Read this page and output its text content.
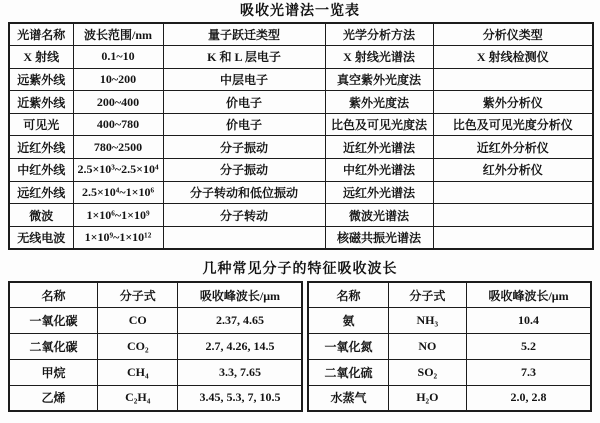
吸收光谱法一览表
光谱名称	波长范围/nm	量子跃迁类型	光学分析方法	分析仪类型
X 射线	0.1~10	K 和 L 层电子	X 射线光谱法	X 射线检测仪
远紫外线	10~200	中层电子	真空紫外光度法	
近紫外线	200~400	价电子	紫外光度法	紫外分析仪
可见光	400~780	价电子	比色及可见光度法	比色及可见光度分析仪
近红外线	780~2500	分子振动	近红外光谱法	近红外分析仪
中红外线	2.5×10³~2.5×10⁴	分子振动	中红外光谱法	红外分析仪
远红外线	2.5×10⁴~1×10⁶	分子转动和低位振动	远红外光谱法	
微波	1×10⁶~1×10⁹	分子转动	微波光谱法	
无线电波	1×10⁹~1×10¹²		核磁共振光谱法	
几种常见分子的特征吸收波长
名称	分子式	吸收峰波长/μm
一氧化碳	CO	2.37, 4.65
二氧化碳	CO₂	2.7, 4.26, 14.5
甲烷	CH₄	3.3, 7.65
乙烯	C₂H₄	3.45, 5.3, 7, 10.5
名称	分子式	吸收峰波长/μm
氨	NH₃	10.4
一氧化氮	NO	5.2
二氧化硫	SO₂	7.3
水蒸气	H₂O	2.0, 2.8
